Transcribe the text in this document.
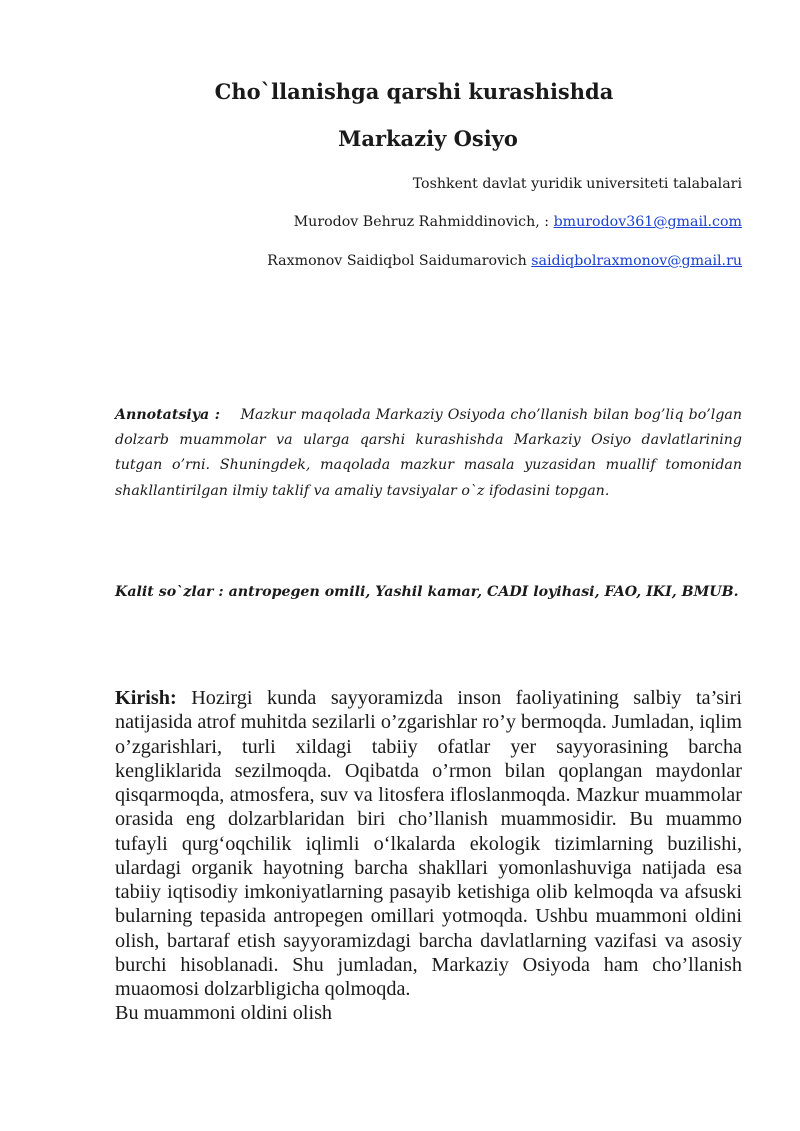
Cho`llanishga qarshi kurashishda
Markaziy Osiyo
Toshkent davlat yuridik universiteti talabalari
Murodov Behruz Rahmiddinovich, : bmurodov361@gmail.com
Raxmonov Saidiqbol Saidumarovich saidiqbolraxmonov@gmail.ru

Annotatsiya : Mazkur maqolada Markaziy Osiyoda cho’llanish bilan bog’liq bo’lgan dolzarb muammolar va ularga qarshi kurashishda Markaziy Osiyo davlatlarining tutgan o’rni. Shuningdek, maqolada mazkur masala yuzasidan muallif tomonidan shakllantirilgan ilmiy taklif va amaliy tavsiyalar o`z ifodasini topgan.

Kalit so`zlar : antropegen omili, Yashil kamar, CADI loyihasi, FAO, IKI, BMUB.

Kirish: Hozirgi kunda sayyoramizda inson faoliyatining salbiy ta’siri natijasida atrof muhitda sezilarli o’zgarishlar ro’y bermoqda. Jumladan, iqlim o’zgarishlari, turli xildagi tabiiy ofatlar yer sayyorasining barcha kengliklarida sezilmoqda. Oqibatda o’rmon bilan qoplangan maydonlar qisqarmoqda, atmosfera, suv va litosfera ifloslanmoqda. Mazkur muammolar orasida eng dolzarblaridan biri cho’llanish muammosidir. Bu muammo tufayli qurg‘oqchilik iqlimli o‘lkalarda ekologik tizimlarning buzilishi, ulardagi organik hayotning barcha shakllari yomonlashuviga natijada esa tabiiy iqtisodiy imkoniyatlarning pasayib ketishiga olib kelmoqda va afsuski bularning tepasida antropegen omillari yotmoqda. Ushbu muammoni oldini olish, bartaraf etish sayyoramizdagi barcha davlatlarning vazifasi va asosiy burchi hisoblanadi. Shu jumladan, Markaziy Osiyoda ham cho’llanish muaomosi dolzarbligicha qolmoqda.

Bu muammoni oldini olish
